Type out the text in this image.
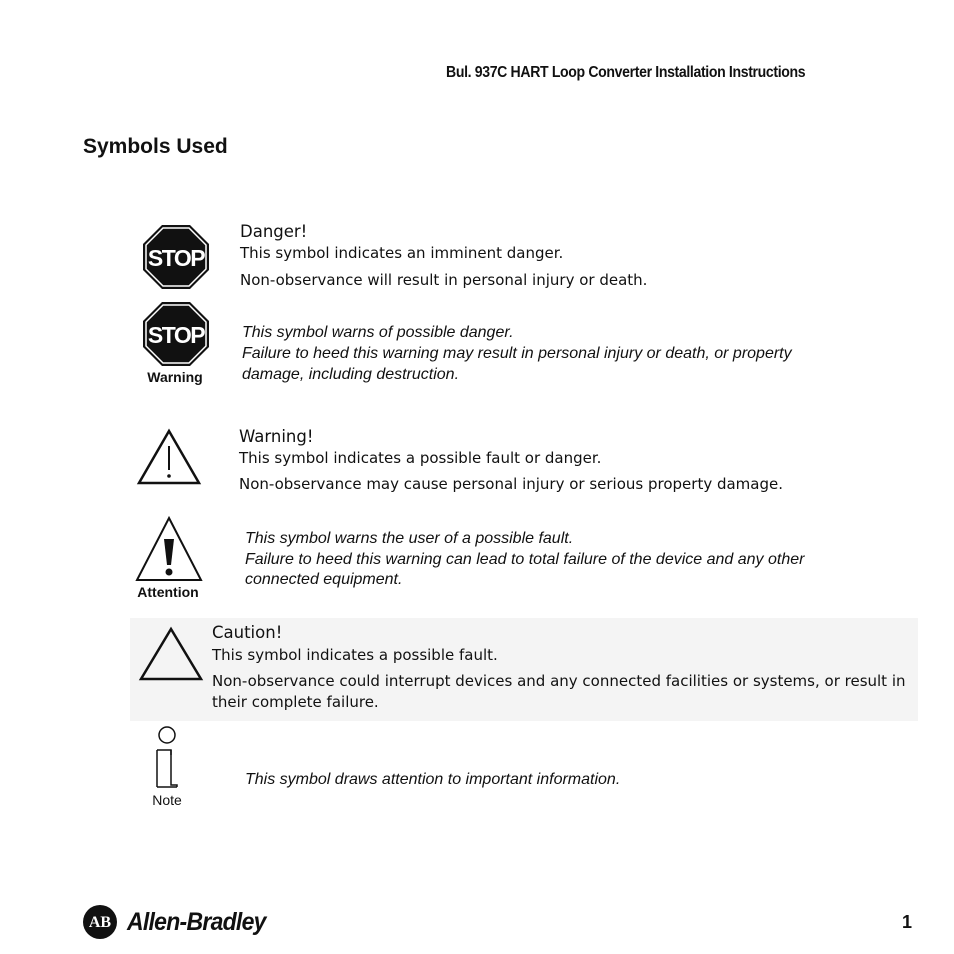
Bul. 937C HART Loop Converter Installation Instructions
Symbols Used
STOP
Danger!
This symbol indicates an imminent danger.
Non-observance will result in personal injury or death.
STOP
Warning
This symbol warns of possible danger.
Failure to heed this warning may result in personal injury or death, or property
damage, including destruction.
Warning!
This symbol indicates a possible fault or danger.
Non-observance may cause personal injury or serious property damage.
Attention
This symbol warns the user of a possible fault.
Failure to heed this warning can lead to total failure of the device and any other
connected equipment.
Caution!
This symbol indicates a possible fault.
Non-observance could interrupt devices and any connected facilities or systems, or result in
their complete failure.
Note
This symbol draws attention to important information.
AB Allen-Bradley	1
